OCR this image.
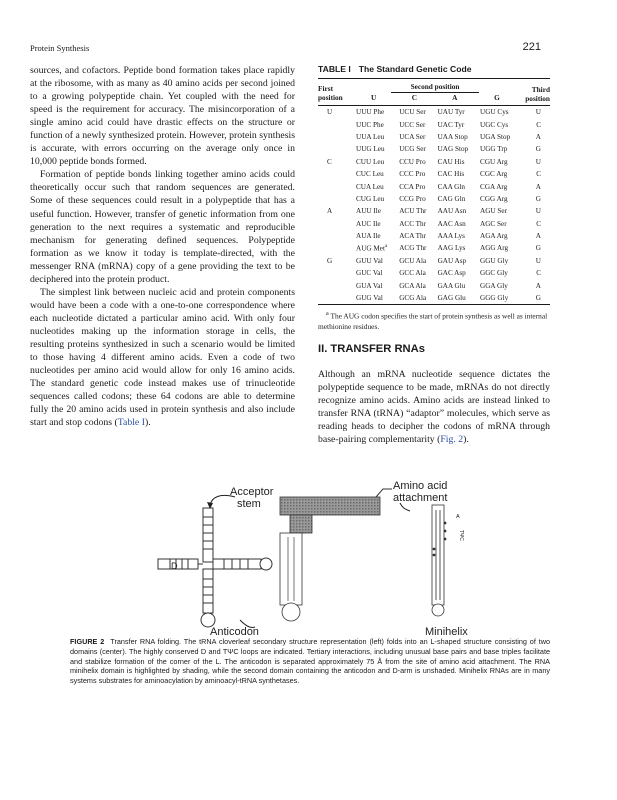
Protein Synthesis	221

sources, and cofactors. Peptide bond formation takes place rapidly at the ribosome, with as many as 40 amino acids per second joined to a growing polypeptide chain. Yet coupled with the need for speed is the requirement for accuracy. The misincorporation of a single amino acid could have drastic effects on the structure or function of a newly synthesized protein. However, protein synthesis is accurate, with errors occurring on the average only once in 10,000 peptide bonds formed.

Formation of peptide bonds linking together amino acids could theoretically occur such that random sequences are generated. Some of these sequences could result in a polypeptide that has a useful function. However, transfer of genetic information from one generation to the next requires a systematic and reproducible mechanism for generating defined sequences. Polypeptide formation as we know it today is template-directed, with the messenger RNA (mRNA) copy of a gene providing the text to be deciphered into the protein product.

The simplest link between nucleic acid and protein components would have been a code with a one-to-one correspondence where each nucleotide dictated a particular amino acid. With only four nucleotides making up the information storage in cells, the resulting proteins synthesized in such a scenario would be limited to those having 4 different amino acids. Even a code of two nucleotides per amino acid would allow for only 16 amino acids. The standard genetic code instead makes use of trinucleotide sequences called codons; these 64 codons are able to determine fully the 20 amino acids used in protein synthesis and also include start and stop codons (Table I).

TABLE I The Standard Genetic Code
First position	Second position				Third position
	U	C	A	G	
U	UUU Phe	UCU Ser	UAU Tyr	UGU Cys	U
	UUC Phe	UCC Ser	UAC Tyr	UGC Cys	C
	UUA Leu	UCA Ser	UAA Stop	UGA Stop	A
	UUG Leu	UCG Ser	UAG Stop	UGG Trp	G
C	CUU Leu	CCU Pro	CAU His	CGU Arg	U
	CUC Leu	CCC Pro	CAC His	CGC Arg	C
	CUA Leu	CCA Pro	CAA Gln	CGA Arg	A
	CUG Leu	CCG Pro	CAG Gln	CGG Arg	G
A	AUU Ile	ACU Thr	AAU Asn	AGU Ser	U
	AUC Ile	ACC Thr	AAC Asn	AGC Ser	C
	AUA Ile	ACA Thr	AAA Lys	AGA Arg	A
	AUG Met$^a$	ACG Thr	AAG Lys	AGG Arg	G
G	GUU Val	GCU Ala	GAU Asp	GGU Gly	U
	GUC Val	GCC Ala	GAC Asp	GGC Gly	C
	GUA Val	GCA Ala	GAA Glu	GGA Gly	A
	GUG Val	GCG Ala	GAG Glu	GGG Gly	G
$^a$ The AUG codon specifies the start of protein synthesis as well as internal methionine residues.
II. TRANSFER RNAs

Although an mRNA nucleotide sequence dictates the polypeptide sequence to be made, mRNAs do not directly recognize amino acids. Amino acids are instead linked to transfer RNA (tRNA) “adaptor” molecules, which serve as reading heads to decipher the codons of mRNA through base-pairing complementarity (Fig. 2).

D
A
TΨC
Acceptor
stem
Amino acid
attachment
Anticodon	Minihelix
FIGURE 2 Transfer RNA folding. The tRNA cloverleaf secondary structure representation (left) folds into an L-shaped structure consisting of two domains (center). The highly conserved D and TΨC loops are indicated. Tertiary interactions, including unusual base pairs and base triples facilitate and stabilize formation of the corner of the L. The anticodon is separated approximately 75 Å from the site of amino acid attachment. The RNA minihelix domain is highlighted by shading, while the second domain containing the anticodon and D-arm is unshaded. Minihelix RNAs are in many systems substrates for aminoacylation by aminoacyl-tRNA synthetases.
